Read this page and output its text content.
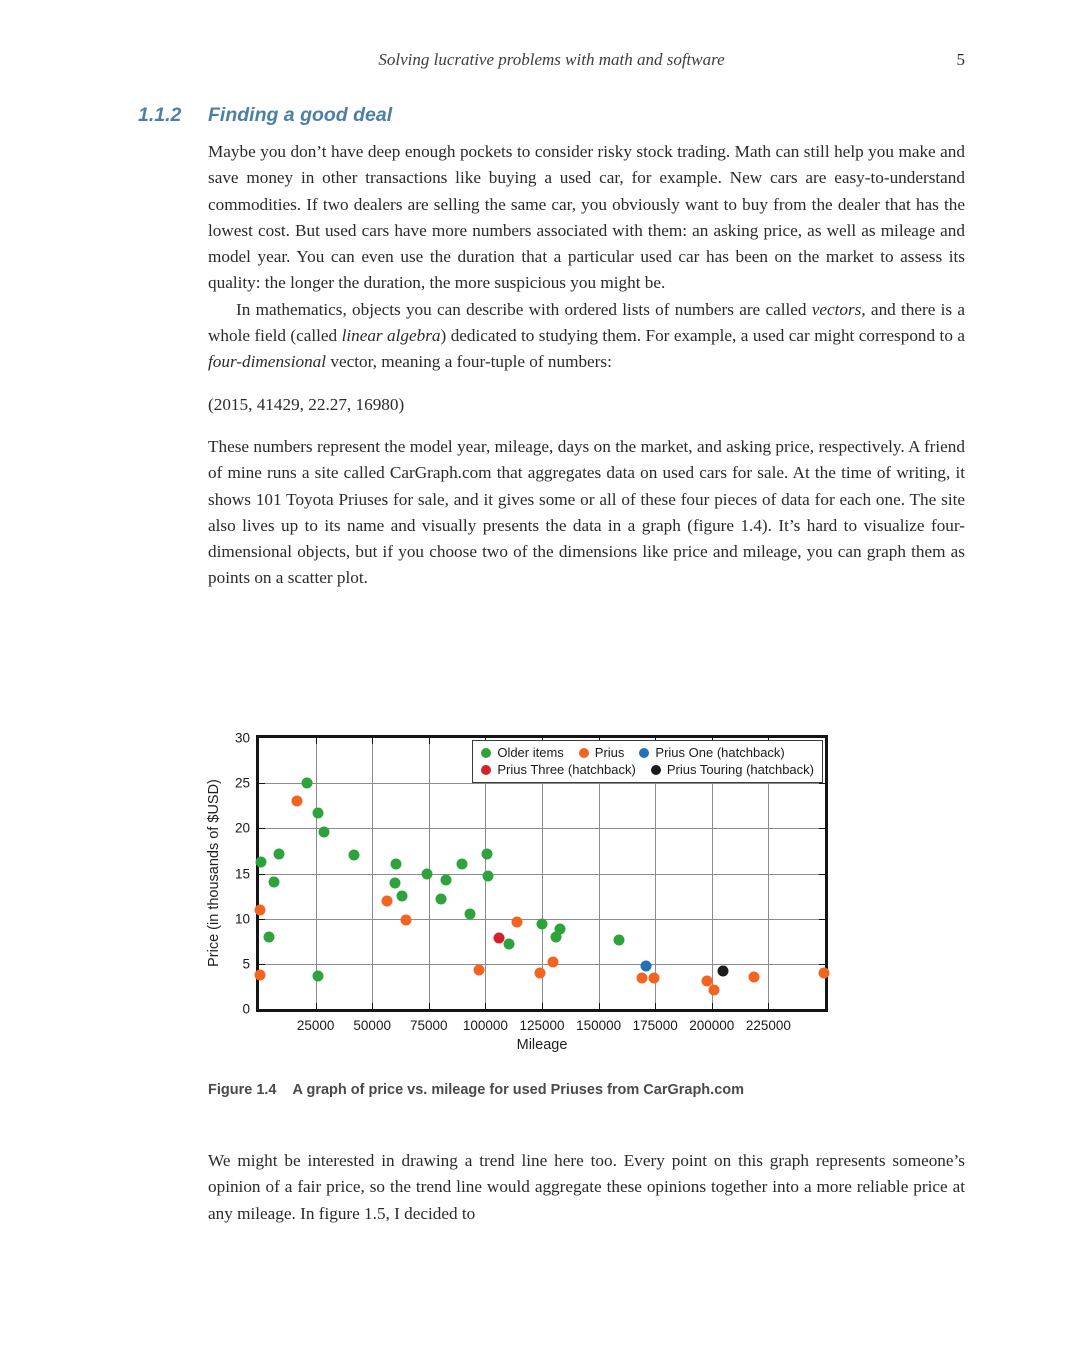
Solving lucrative problems with math and software	5
1.1.2 Finding a good deal

Maybe you don’t have deep enough pockets to consider risky stock trading. Math can still help you make and save money in other transactions like buying a used car, for example. New cars are easy-to-understand commodities. If two dealers are selling the same car, you obviously want to buy from the dealer that has the lowest cost. But used cars have more numbers associated with them: an asking price, as well as mileage and model year. You can even use the duration that a particular used car has been on the market to assess its quality: the longer the duration, the more suspicious you might be.

In mathematics, objects you can describe with ordered lists of numbers are called vectors, and there is a whole field (called linear algebra) dedicated to studying them. For example, a used car might correspond to a four-dimensional vector, meaning a four-tuple of numbers:

(2015, 41429, 22.27, 16980)

These numbers represent the model year, mileage, days on the market, and asking price, respectively. A friend of mine runs a site called CarGraph.com that aggregates data on used cars for sale. At the time of writing, it shows 101 Toyota Priuses for sale, and it gives some or all of these four pieces of data for each one. The site also lives up to its name and visually presents the data in a graph (figure 1.4). It’s hard to visualize four-dimensional objects, but if you choose two of the dimensions like price and mileage, you can graph them as points on a scatter plot.

Price (in thousands of $USD)
25000 50000 75000 100000 125000 150000 175000 200000 225000
0
5
10
15
20
25
30
Older items Prius Prius One (hatchback)
Prius Three (hatchback) Prius Touring (hatchback)
Mileage

Figure 1.4 A graph of price vs. mileage for used Priuses from CarGraph.com

We might be interested in drawing a trend line here too. Every point on this graph represents someone’s opinion of a fair price, so the trend line would aggregate these opinions together into a more reliable price at any mileage. In figure 1.5, I decided to
